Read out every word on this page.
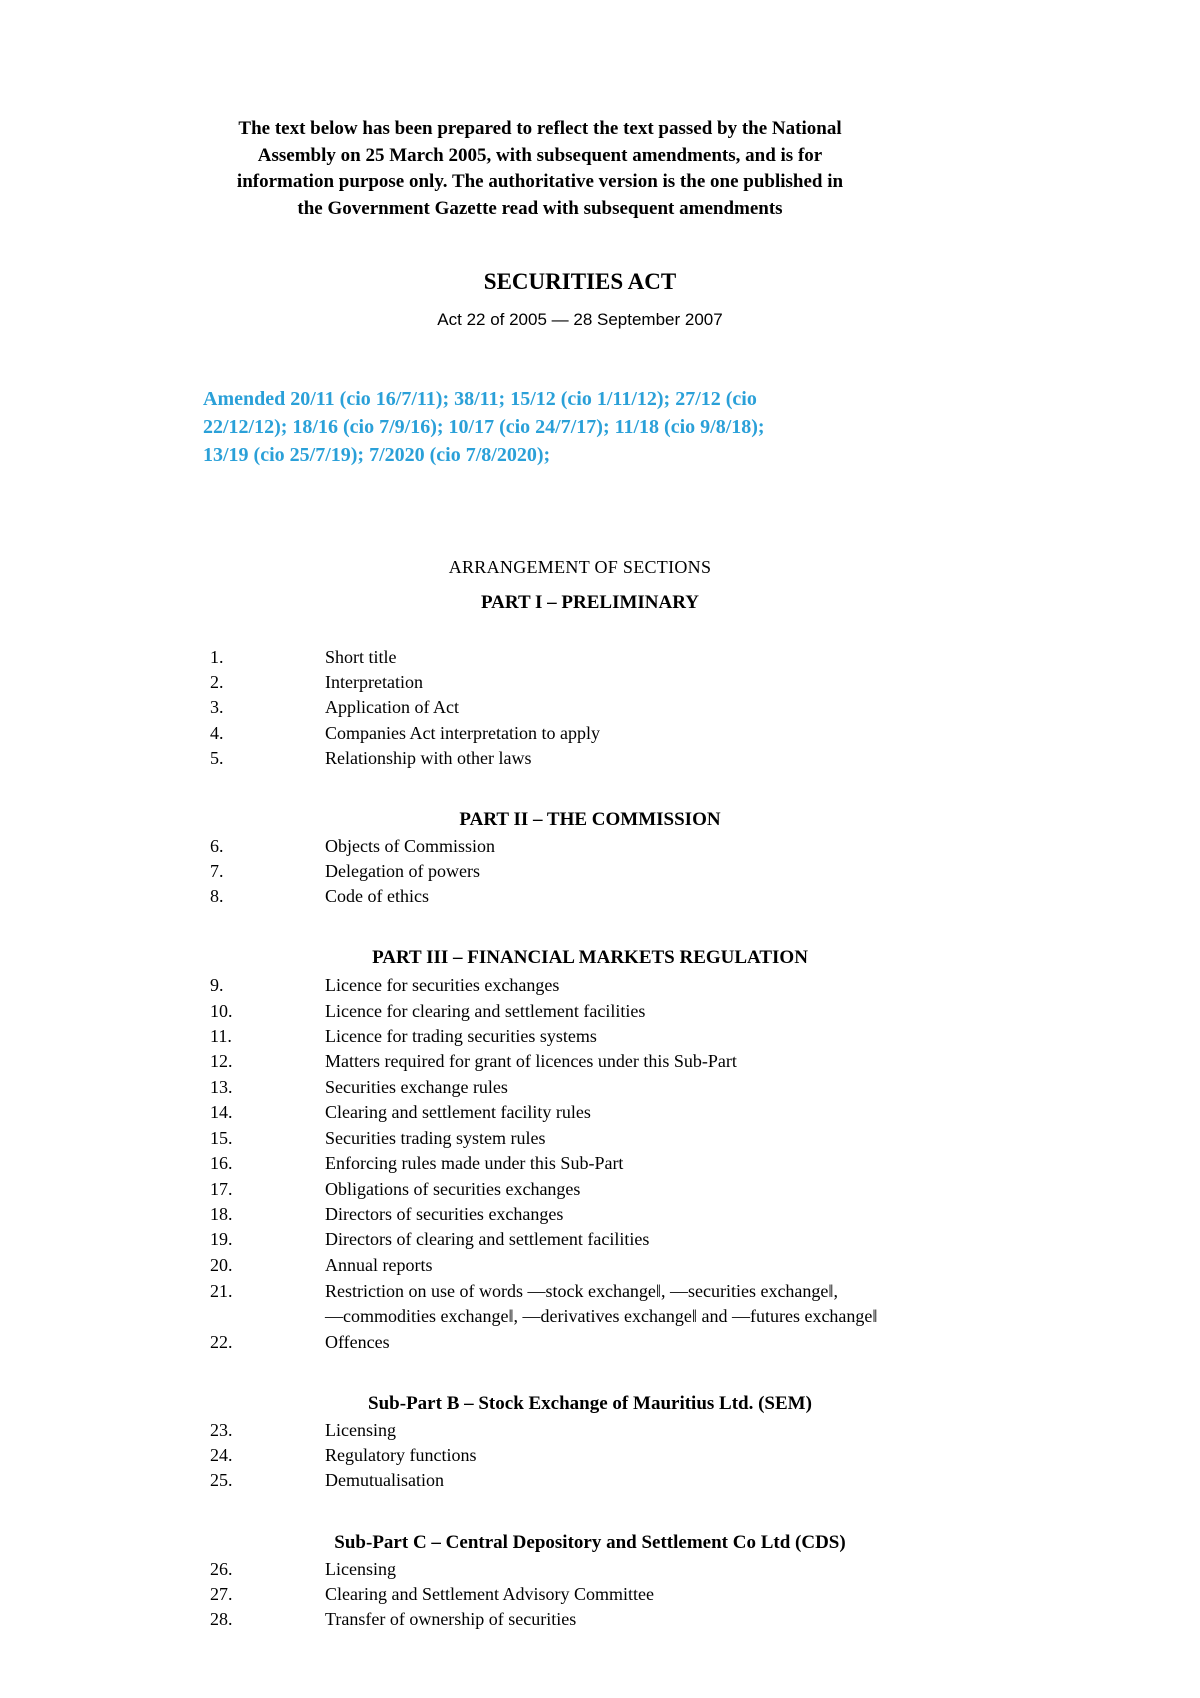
The text below has been prepared to reflect the text passed by the National
Assembly on 25 March 2005, with subsequent amendments, and is for
information purpose only. The authoritative version is the one published in
the Government Gazette read with subsequent amendments
SECURITIES ACT
Act 22 of 2005 — 28 September 2007
Amended 20/11 (cio 16/7/11); 38/11; 15/12 (cio 1/11/12); 27/12 (cio
22/12/12); 18/16 (cio 7/9/16); 10/17 (cio 24/7/17); 11/18 (cio 9/8/18);
13/19 (cio 25/7/19); 7/2020 (cio 7/8/2020);
ARRANGEMENT OF SECTIONS
PART I – PRELIMINARY
1.	Short title
2.	Interpretation
3.	Application of Act
4.	Companies Act interpretation to apply
5.	Relationship with other laws
PART II – THE COMMISSION
6.	Objects of Commission
7.	Delegation of powers
8.	Code of ethics
PART III – FINANCIAL MARKETS REGULATION
9.	Licence for securities exchanges
10.	Licence for clearing and settlement facilities
11.	Licence for trading securities systems
12.	Matters required for grant of licences under this Sub-Part
13.	Securities exchange rules
14.	Clearing and settlement facility rules
15.	Securities trading system rules
16.	Enforcing rules made under this Sub-Part
17.	Obligations of securities exchanges
18.	Directors of securities exchanges
19.	Directors of clearing and settlement facilities
20.	Annual reports
21.	Restriction on use of words ―stock exchange‖, ―securities exchange‖,
―commodities exchange‖, ―derivatives exchange‖ and ―futures exchange‖
22.	Offences
Sub-Part B – Stock Exchange of Mauritius Ltd. (SEM)
23.	Licensing
24.	Regulatory functions
25.	Demutualisation
Sub-Part C – Central Depository and Settlement Co Ltd (CDS)
26.	Licensing
27.	Clearing and Settlement Advisory Committee
28.	Transfer of ownership of securities
